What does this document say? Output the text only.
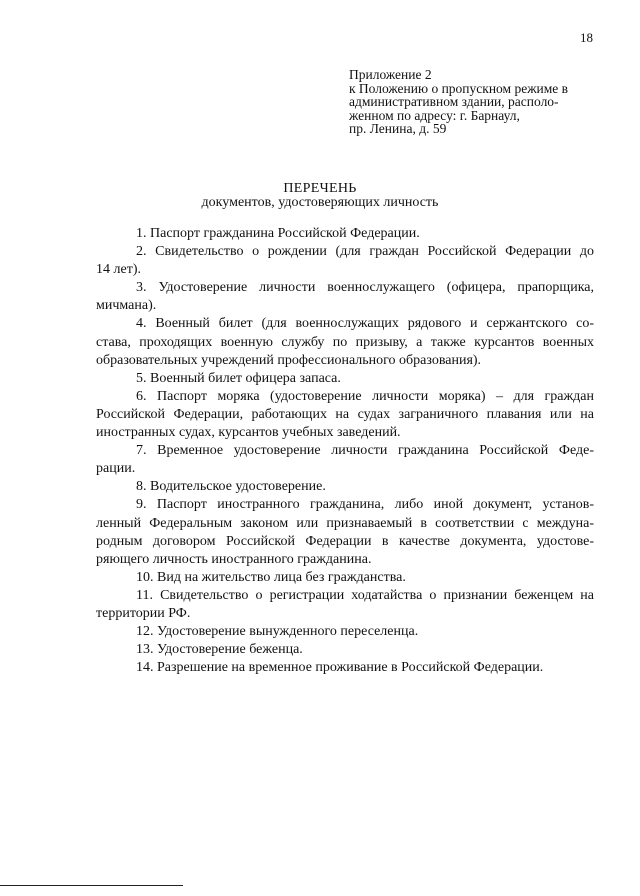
18
Приложение 2
к Положению о пропускном режиме в
административном здании, располо-
женном по адресу: г. Барнаул,
пр. Ленина, д. 59
ПЕРЕЧЕНЬ
документов, удостоверяющих личность
1. Паспорт гражданина Российской Федерации.
2. Свидетельство о рождении (для граждан Российской Федерации до
14 лет).
3. Удостоверение личности военнослужащего (офицера, прапорщика,
мичмана).
4. Военный билет (для военнослужащих рядового и сержантского со-
става, проходящих военную службу по призыву, а также курсантов военных
образовательных учреждений профессионального образования).
5. Военный билет офицера запаса.
6. Паспорт моряка (удостоверение личности моряка) – для граждан
Российской Федерации, работающих на судах заграничного плавания или на
иностранных судах, курсантов учебных заведений.
7. Временное удостоверение личности гражданина Российской Феде-
рации.
8. Водительское удостоверение.
9. Паспорт иностранного гражданина, либо иной документ, установ-
ленный Федеральным законом или признаваемый в соответствии с междуна-
родным договором Российской Федерации в качестве документа, удостове-
ряющего личность иностранного гражданина.
10. Вид на жительство лица без гражданства.
11. Свидетельство о регистрации ходатайства о признании беженцем на
территории РФ.
12. Удостоверение вынужденного переселенца.
13. Удостоверение беженца.
14. Разрешение на временное проживание в Российской Федерации.
